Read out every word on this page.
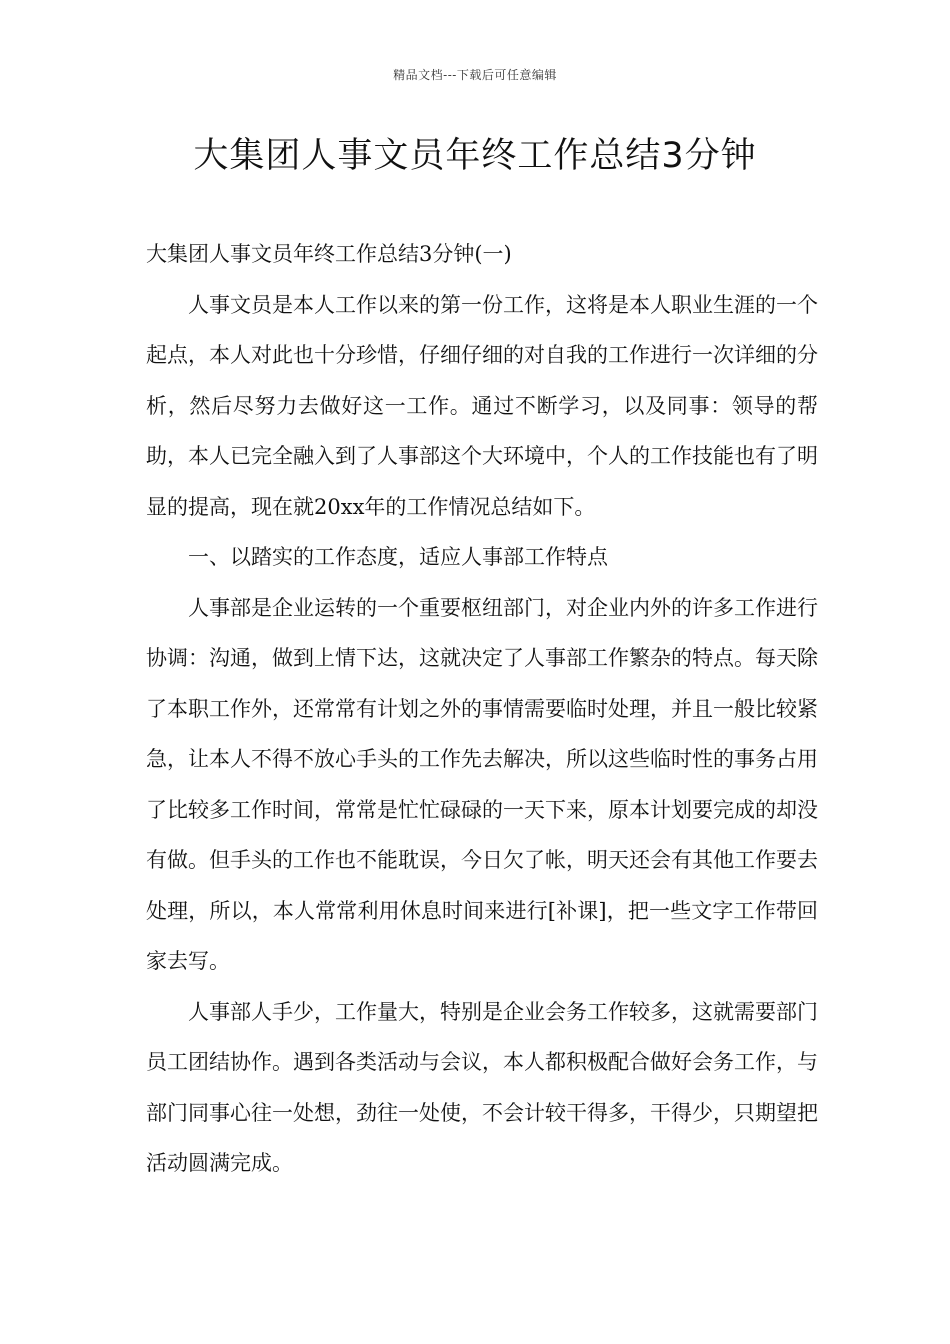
精品文档---下载后可任意编辑
大集团人事文员年终工作总结3分钟

大集团人事文员年终工作总结3分钟(一)

人事文员是本人工作以来的第一份工作，这将是本人职业生涯的一个起点，本人对此也十分珍惜，仔细仔细的对自我的工作进行一次详细的分析，然后尽努力去做好这一工作。通过不断学习，以及同事：领导的帮助，本人已完全融入到了人事部这个大环境中，个人的工作技能也有了明显的提高，现在就20xx年的工作情况总结如下。

一、以踏实的工作态度，适应人事部工作特点

人事部是企业运转的一个重要枢纽部门，对企业内外的许多工作进行协调：沟通，做到上情下达，这就决定了人事部工作繁杂的特点。每天除了本职工作外，还常常有计划之外的事情需要临时处理，并且一般比较紧急，让本人不得不放心手头的工作先去解决，所以这些临时性的事务占用了比较多工作时间，常常是忙忙碌碌的一天下来，原本计划要完成的却没有做。但手头的工作也不能耽误，今日欠了帐，明天还会有其他工作要去处理，所以，本人常常利用休息时间来进行[补课]，把一些文字工作带回家去写。

人事部人手少，工作量大，特别是企业会务工作较多，这就需要部门员工团结协作。遇到各类活动与会议，本人都积极配合做好会务工作，与部门同事心往一处想，劲往一处使，不会计较干得多，干得少，只期望把活动圆满完成。
